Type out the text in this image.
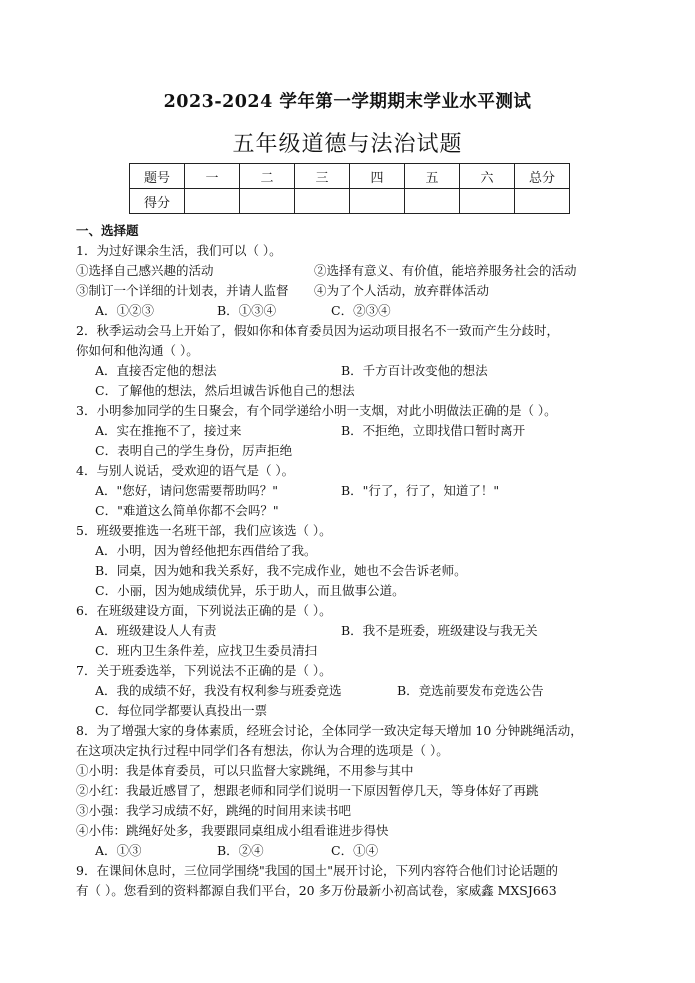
2023-2024 学年第一学期期末学业水平测试
五年级道德与法治试题
题号	一	二	三	四	五	六	总分
得分							
一、选择题
1．为过好课余生活，我们可以（ ）。
①选择自己感兴趣的活动	②选择有意义、有价值，能培养服务社会的活动
③制订一个详细的计划表，并请人监督 ④为了个人活动，放弃群体活动
A．①②③	B．①③④	C．②③④
2．秋季运动会马上开始了，假如你和体育委员因为运动项目报名不一致而产生分歧时，
你如何和他沟通（ ）。
A．直接否定他的想法	B．千方百计改变他的想法
C．了解他的想法，然后坦诚告诉他自己的想法
3．小明参加同学的生日聚会，有个同学递给小明一支烟，对此小明做法正确的是（ ）。
A．实在推拖不了，接过来	B．不拒绝，立即找借口暂时离开
C．表明自己的学生身份，厉声拒绝
4．与别人说话，受欢迎的语气是（ ）。
A．"您好，请问您需要帮助吗？"	B．"行了，行了，知道了！"
C．"难道这么简单你都不会吗？"
5．班级要推选一名班干部，我们应该选（ ）。
A．小明，因为曾经他把东西借给了我。
B．同桌，因为她和我关系好，我不完成作业，她也不会告诉老师。
C．小丽，因为她成绩优异，乐于助人，而且做事公道。
6．在班级建设方面，下列说法正确的是（ ）。
A．班级建设人人有责	B．我不是班委，班级建设与我无关
C．班内卫生条件差，应找卫生委员清扫
7．关于班委选举，下列说法不正确的是（ ）。
A．我的成绩不好，我没有权利参与班委竞选	B．竞选前要发布竞选公告
C．每位同学都要认真投出一票
8．为了增强大家的身体素质，经班会讨论，全体同学一致决定每天增加 10 分钟跳绳活动，
在这项决定执行过程中同学们各有想法，你认为合理的选项是（ ）。
①小明：我是体育委员，可以只监督大家跳绳，不用参与其中
②小红：我最近感冒了，想跟老师和同学们说明一下原因暂停几天，等身体好了再跳
③小强：我学习成绩不好，跳绳的时间用来读书吧
④小伟：跳绳好处多，我要跟同桌组成小组看谁进步得快
A．①③	B．②④	C．①④
9．在课间休息时，三位同学围绕"我国的国土"展开讨论，下列内容符合他们讨论话题的
有（ ）。您看到的资料都源自我们平台，20 多万份最新小初高试卷，家威鑫 MXSJ663
